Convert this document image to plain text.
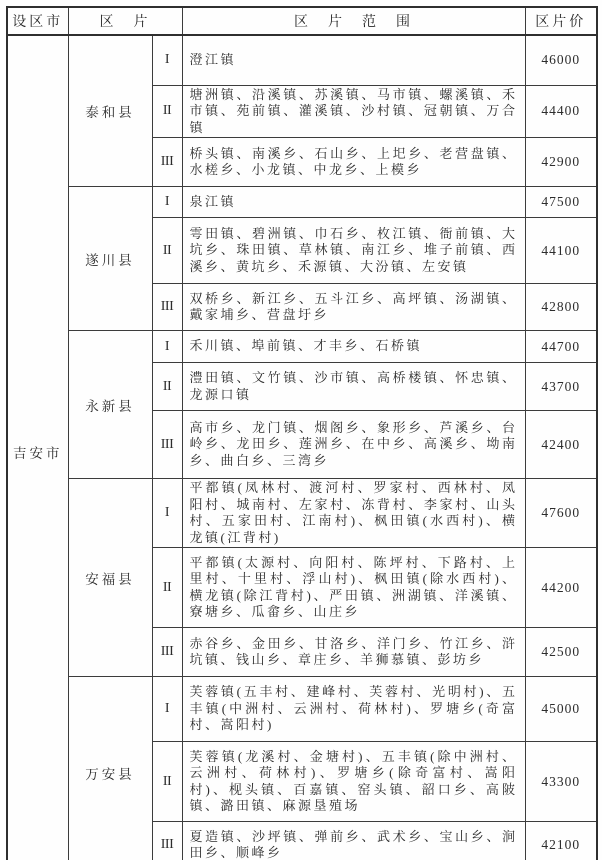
设区市	区　片		区　片　范　围	区片价
吉安市	泰和县	I	澄江镇	46000
		II	塘洲镇、沿溪镇、苏溪镇、马市镇、螺溪镇、禾市镇、苑前镇、灌溪镇、沙村镇、冠朝镇、万合镇	44400
		III	桥头镇、南溪乡、石山乡、上圯乡、老营盘镇、水槎乡、小龙镇、中龙乡、上模乡	42900
	遂川县	I	泉江镇	47500
		II	雩田镇、碧洲镇、巾石乡、枚江镇、衙前镇、大坑乡、珠田镇、草林镇、南江乡、堆子前镇、西溪乡、黄坑乡、禾源镇、大汾镇、左安镇	44100
		III	双桥乡、新江乡、五斗江乡、高坪镇、汤湖镇、戴家埔乡、营盘圩乡	42800
	永新县	I	禾川镇、埠前镇、才丰乡、石桥镇	44700
		II	澧田镇、文竹镇、沙市镇、高桥楼镇、怀忠镇、龙源口镇	43700
		III	高市乡、龙门镇、烟阁乡、象形乡、芦溪乡、台岭乡、龙田乡、莲洲乡、在中乡、高溪乡、坳南乡、曲白乡、三湾乡	42400
	安福县	I	平都镇(凤林村、渡河村、罗家村、西林村、凤阳村、城南村、左家村、冻背村、李家村、山头村、五家田村、江南村)、枫田镇(水西村)、横龙镇(江背村)	47600
		II	平都镇(太源村、向阳村、陈坪村、下路村、上里村、十里村、浮山村)、枫田镇(除水西村)、横龙镇(除江背村)、严田镇、洲湖镇、洋溪镇、寮塘乡、瓜畲乡、山庄乡	44200
		III	赤谷乡、金田乡、甘洛乡、洋门乡、竹江乡、浒坑镇、钱山乡、章庄乡、羊狮慕镇、彭坊乡	42500
	万安县	I	芙蓉镇(五丰村、建峰村、芙蓉村、光明村)、五丰镇(中洲村、云洲村、荷林村)、罗塘乡(奇富村、嵩阳村)	45000
		II	芙蓉镇(龙溪村、金塘村)、五丰镇(除中洲村、云洲村、荷林村)、罗塘乡(除奇富村、嵩阳村)、枧头镇、百嘉镇、窑头镇、韶口乡、高陂镇、潞田镇、麻源垦殖场	43300
		III	夏造镇、沙坪镇、弹前乡、武术乡、宝山乡、涧田乡、顺峰乡	42100
